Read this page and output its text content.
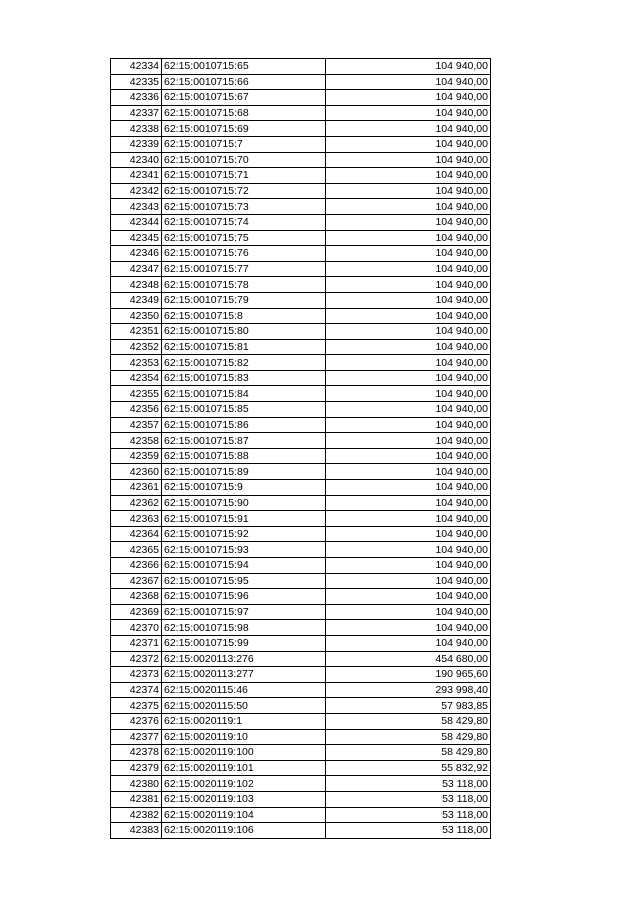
42334	62:15:0010715:65	104 940,00
42335	62:15:0010715:66	104 940,00
42336	62:15:0010715:67	104 940,00
42337	62:15:0010715:68	104 940,00
42338	62:15:0010715:69	104 940,00
42339	62:15:0010715:7	104 940,00
42340	62:15:0010715:70	104 940,00
42341	62:15:0010715:71	104 940,00
42342	62:15:0010715:72	104 940,00
42343	62:15:0010715:73	104 940,00
42344	62:15:0010715:74	104 940,00
42345	62:15:0010715:75	104 940,00
42346	62:15:0010715:76	104 940,00
42347	62:15:0010715:77	104 940,00
42348	62:15:0010715:78	104 940,00
42349	62:15:0010715:79	104 940,00
42350	62:15:0010715:8	104 940,00
42351	62:15:0010715:80	104 940,00
42352	62:15:0010715:81	104 940,00
42353	62:15:0010715:82	104 940,00
42354	62:15:0010715:83	104 940,00
42355	62:15:0010715:84	104 940,00
42356	62:15:0010715:85	104 940,00
42357	62:15:0010715:86	104 940,00
42358	62:15:0010715:87	104 940,00
42359	62:15:0010715:88	104 940,00
42360	62:15:0010715:89	104 940,00
42361	62:15:0010715:9	104 940,00
42362	62:15:0010715:90	104 940,00
42363	62:15:0010715:91	104 940,00
42364	62:15:0010715:92	104 940,00
42365	62:15:0010715:93	104 940,00
42366	62:15:0010715:94	104 940,00
42367	62:15:0010715:95	104 940,00
42368	62:15:0010715:96	104 940,00
42369	62:15:0010715:97	104 940,00
42370	62:15:0010715:98	104 940,00
42371	62:15:0010715:99	104 940,00
42372	62:15:0020113:276	454 680,00
42373	62:15:0020113:277	190 965,60
42374	62:15:0020115:46	293 998,40
42375	62:15:0020115:50	57 983,85
42376	62:15:0020119:1	58 429,80
42377	62:15:0020119:10	58 429,80
42378	62:15:0020119:100	58 429,80
42379	62:15:0020119:101	55 832,92
42380	62:15:0020119:102	53 118,00
42381	62:15:0020119:103	53 118,00
42382	62:15:0020119:104	53 118,00
42383	62:15:0020119:106	53 118,00
